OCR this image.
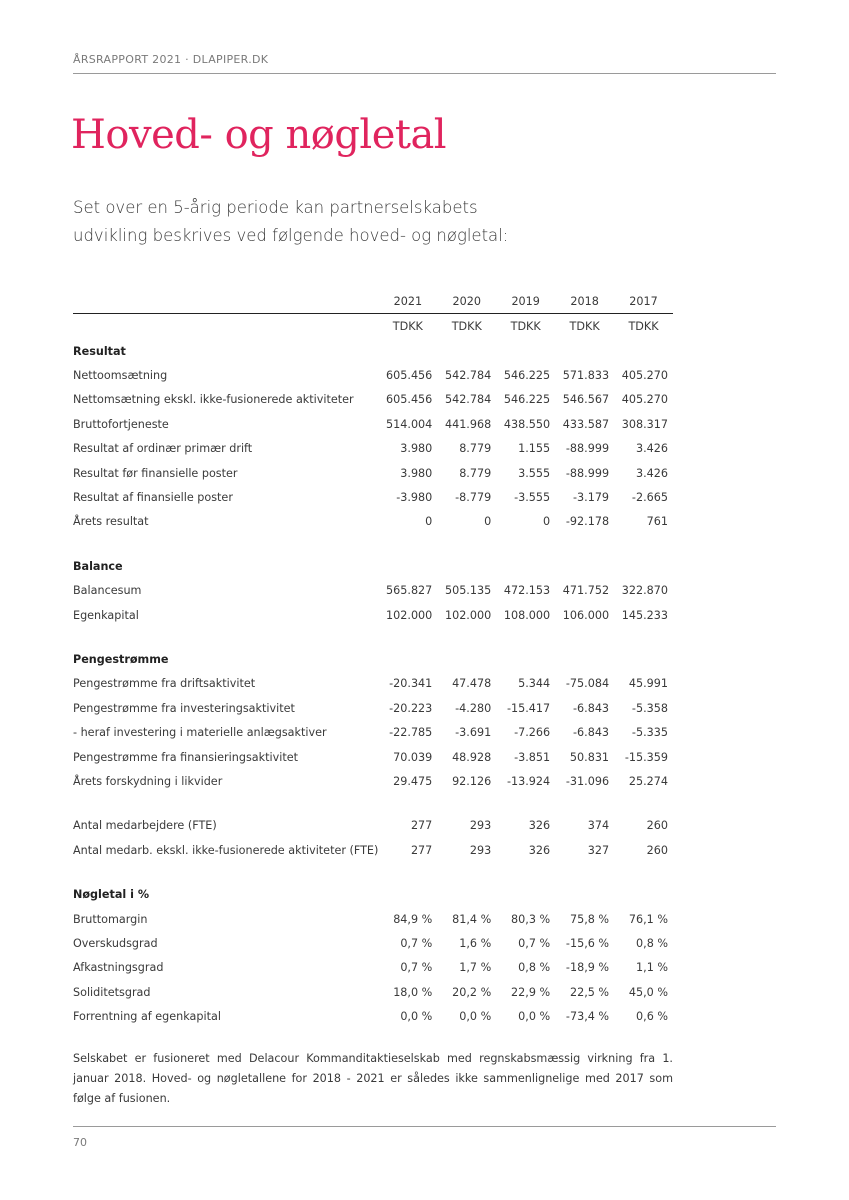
ÅRSRAPPORT 2021 · DLAPIPER.DK
Hoved- og nøgletal

Set over en 5-årig periode kan partnerselskabets udvikling beskrives ved følgende hoved- og nøgletal:

	2021	2020	2019	2018	2017
	TDKK	TDKK	TDKK	TDKK	TDKK
Resultat					
Nettoomsætning	605.456	542.784	546.225	571.833	405.270
Nettomsætning ekskl. ikke-fusionerede aktiviteter	605.456	542.784	546.225	546.567	405.270
Bruttofortjeneste	514.004	441.968	438.550	433.587	308.317
Resultat af ordinær primær drift	3.980	8.779	1.155	-88.999	3.426
Resultat før finansielle poster	3.980	8.779	3.555	-88.999	3.426
Resultat af finansielle poster	-3.980	-8.779	-3.555	-3.179	-2.665
Årets resultat	0	0	0	-92.178	761

Balance					
Balancesum	565.827	505.135	472.153	471.752	322.870
Egenkapital	102.000	102.000	108.000	106.000	145.233

Pengestrømme					
Pengestrømme fra driftsaktivitet	-20.341	47.478	5.344	-75.084	45.991
Pengestrømme fra investeringsaktivitet	-20.223	-4.280	-15.417	-6.843	-5.358
- heraf investering i materielle anlægsaktiver	-22.785	-3.691	-7.266	-6.843	-5.335
Pengestrømme fra finansieringsaktivitet	70.039	48.928	-3.851	50.831	-15.359
Årets forskydning i likvider	29.475	92.126	-13.924	-31.096	25.274

Antal medarbejdere (FTE)	277	293	326	374	260
Antal medarb. ekskl. ikke-fusionerede aktiviteter (FTE)	277	293	326	327	260

Nøgletal i %					
Bruttomargin	84,9 %	81,4 %	80,3 %	75,8 %	76,1 %
Overskudsgrad	0,7 %	1,6 %	0,7 %	-15,6 %	0,8 %
Afkastningsgrad	0,7 %	1,7 %	0,8 %	-18,9 %	1,1 %
Soliditetsgrad	18,0 %	20,2 %	22,9 %	22,5 %	45,0 %
Forrentning af egenkapital	0,0 %	0,0 %	0,0 %	-73,4 %	0,6 %

Selskabet er fusioneret med Delacour Kommanditaktieselskab med regnskabsmæssig virkning fra 1. januar 2018. Hoved- og nøgletallene for 2018 - 2021 er således ikke sammenlignelige med 2017 som følge af fusionen.

70
